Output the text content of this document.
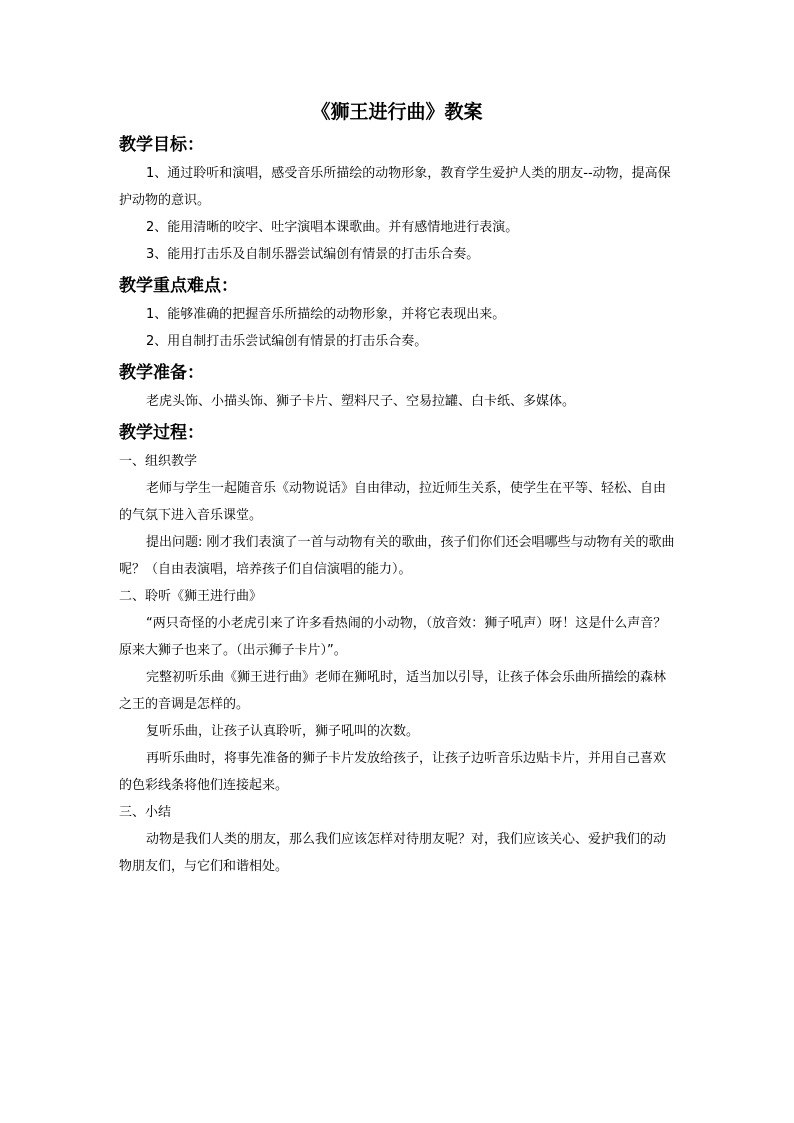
《狮王进行曲》教案
教学目标：

1、通过聆听和演唱，感受音乐所描绘的动物形象，教育学生爱护人类的朋友--动物，提高保护动物的意识。

2、能用清晰的咬字、吐字演唱本课歌曲。并有感情地进行表演。

3、能用打击乐及自制乐器尝试编创有情景的打击乐合奏。

教学重点难点：

1、能够准确的把握音乐所描绘的动物形象，并将它表现出来。

2、用自制打击乐尝试编创有情景的打击乐合奏。

教学准备：

老虎头饰、小描头饰、狮子卡片、塑料尺子、空易拉罐、白卡纸、多媒体。

教学过程：

一、组织教学

老师与学生一起随音乐《动物说话》自由律动，拉近师生关系，使学生在平等、轻松、自由的气氛下进入音乐课堂。

提出问题: 刚才我们表演了一首与动物有关的歌曲，孩子们你们还会唱哪些与动物有关的歌曲呢？（自由表演唱，培养孩子们自信演唱的能力）。

二、聆听《狮王进行曲》

“两只奇怪的小老虎引来了许多看热闹的小动物，（放音效：狮子吼声）呀！这是什么声音？原来大狮子也来了。（出示狮子卡片）”。

完整初听乐曲《狮王进行曲》老师在狮吼时，适当加以引导，让孩子体会乐曲所描绘的森林之王的音调是怎样的。

复听乐曲，让孩子认真聆听，狮子吼叫的次数。

再听乐曲时，将事先准备的狮子卡片发放给孩子，让孩子边听音乐边贴卡片，并用自己喜欢的色彩线条将他们连接起来。

三、小结

动物是我们人类的朋友，那么我们应该怎样对待朋友呢？对，我们应该关心、爱护我们的动物朋友们，与它们和谐相处。
